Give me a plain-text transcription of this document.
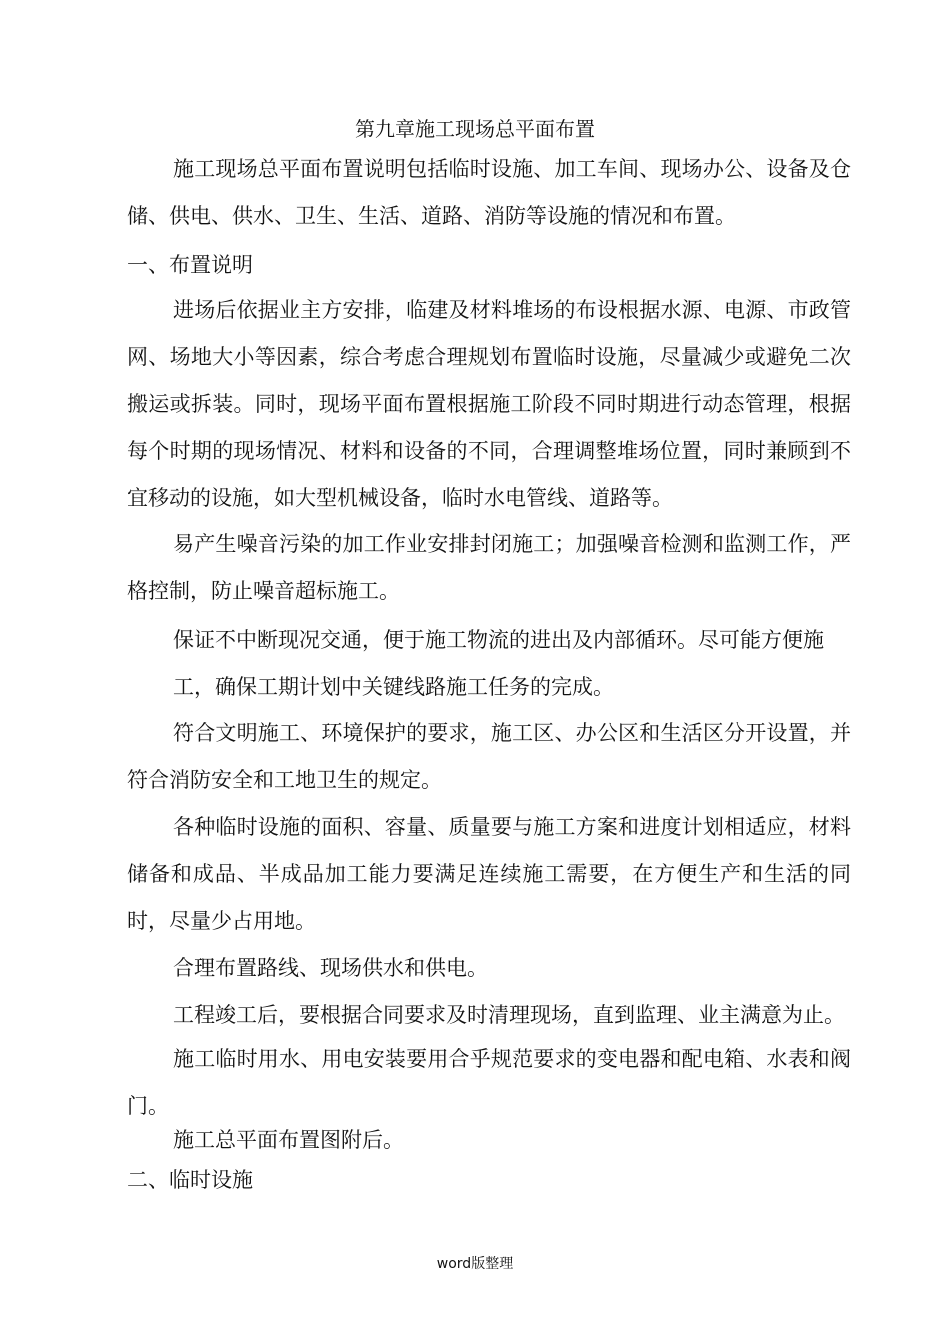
第九章施工现场总平面布置

施工现场总平面布置说明包括临时设施、加工车间、现场办公、设备及仓储、供电、供水、卫生、生活、道路、消防等设施的情况和布置。

一、布置说明

进场后依据业主方安排，临建及材料堆场的布设根据水源、电源、市政管网、场地大小等因素，综合考虑合理规划布置临时设施，尽量减少或避免二次搬运或拆装。同时，现场平面布置根据施工阶段不同时期进行动态管理，根据每个时期的现场情况、材料和设备的不同，合理调整堆场位置，同时兼顾到不宜移动的设施，如大型机械设备，临时水电管线、道路等。

易产生噪音污染的加工作业安排封闭施工；加强噪音检测和监测工作，严格控制，防止噪音超标施工。

保证不中断现况交通，便于施工物流的进出及内部循环。尽可能方便施
工，确保工期计划中关键线路施工任务的完成。

符合文明施工、环境保护的要求，施工区、办公区和生活区分开设置，并符合消防安全和工地卫生的规定。

各种临时设施的面积、容量、质量要与施工方案和进度计划相适应，材料储备和成品、半成品加工能力要满足连续施工需要，在方便生产和生活的同时，尽量少占用地。

合理布置路线、现场供水和供电。
工程竣工后，要根据合同要求及时清理现场，直到监理、业主满意为止。

施工临时用水、用电安装要用合乎规范要求的变电器和配电箱、水表和阀门。

施工总平面布置图附后。
二、临时设施
word版整理
